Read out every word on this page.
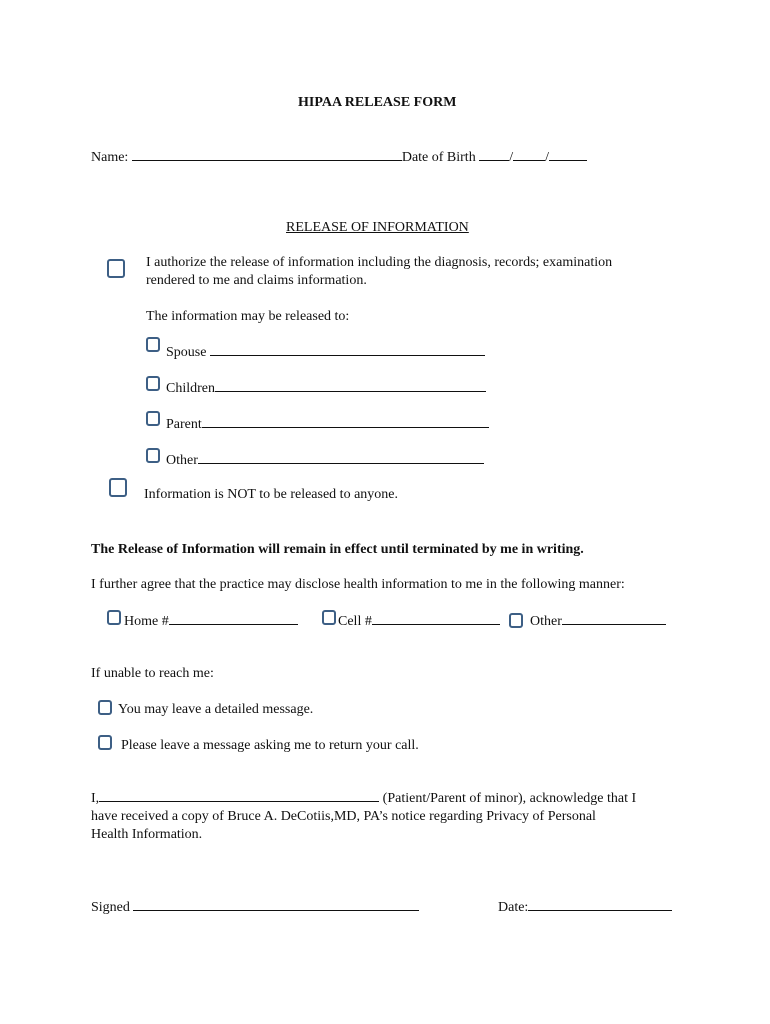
HIPAA RELEASE FORM
Name:	Date of Birth / /
RELEASE OF INFORMATION
I authorize the release of information including the diagnosis, records; examination
rendered to me and claims information.
The information may be released to:
Spouse
Children
Parent
Other
Information is NOT to be released to anyone.
The Release of Information will remain in effect until terminated by me in writing.
I further agree that the practice may disclose health information to me in the following manner:
Home #	Cell #	Other
If unable to reach me:
You may leave a detailed message.
Please leave a message asking me to return your call.
I,	(Patient/Parent of minor), acknowledge that I
have received a copy of Bruce A. DeCotiis,MD, PA’s notice regarding Privacy of Personal
Health Information.
Signed	Date:
